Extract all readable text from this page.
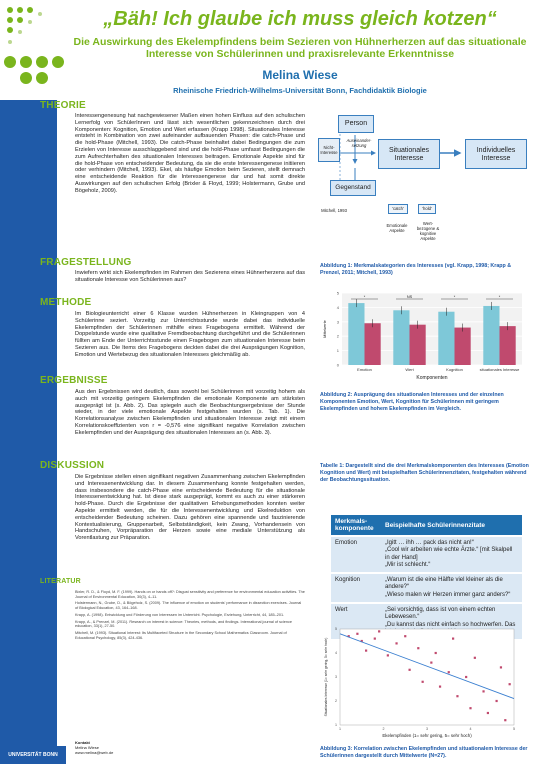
„Bäh! Ich glaube ich muss gleich kotzen“
Die Auswirkung des Ekelempfindens beim Sezieren von Hühnerherzen auf das situationale Interesse von Schülerinnen und praxisrelevante Erkenntnisse
Melina Wiese
Rheinische Friedrich-Wilhelms-Universität Bonn, Fachdidaktik Biologie
THEORIE
Interessengenesung hat nachgewiesener Maßen einen hohen Einfluss auf den schulischen Lernerfolg von SchülerInnen und lässt sich wesentlichen gekennzeichnen durch drei Komponenten: Kognition, Emotion und Wert erfassen (Krapp 1998). Situationales Interesse entsteht in Kombination von zwei aufeinander aufbauenden Phasen: die catch-Phase und die hold-Phase (Mitchell, 1993). Die catch-Phase beinhaltet dabei Bedingungen die zum Erzielen von Interesse ausschlaggebend sind und die hold-Phase umfasst Bedingungen die zum Aufrechterhalten des situationalen Interesses beitragen. Emotionale Aspekte sind für die hold-Phase von entscheidender Bedeutung, da sie die erste Interessengenese initiieren oder verhindern (Mitchell, 1993). Ekel, als häufige Emotion beim Sezieren, stellt demnach eine entscheidende Reaktion für die Interessengenese dar und hat somit direkte Auswirkungen auf den schulischen Erfolg (Brixler & Floyd, 1999; Holstermann, Grube und Bögeholz, 2009).
FRAGESTELLUNG
Inwiefern wirkt sich Ekelempfinden im Rahmen des Sezierens eines Hühnerherzens auf das situationale Interesse von Schülerinnen aus?
METHODE
Im Biologieunterricht einer 6 Klasse wurden Hühnerherzen in Kleingruppen von 4 Schülerinne seziert. Vorzeitig zur Unterrichtsstunde wurde dabei das individuelle Ekelempfinden der Schülerinnen mithilfe eines Fragebogens ermittelt. Während der Doppelstunde wurde eine qualitative Fremdbeobachtung durchgeführt und die Schülerinnen füllten am Ende der Unterrichtsstunde einen Fragebogen zum situationalen Interesse beim Sezieren aus. Die Items des Fragebogens deckten dabei die drei Ausprägungen Kognition, Emotion und Wertebezug des situationalen Interesses gleichmäßig ab.
ERGEBNISSE
Aus den Ergebnissen wird deutlich, dass sowohl bei Schülerinnen mit vorzeitig hohem als auch mit vorzeitig geringem Ekelempfinden die emotionale Komponente am stärksten ausgeprägt ist (s. Abb. 2). Das spiegeln auch die Beobachtungsergebnisse der Stunde wieder, in der viele emotionale Aspekte festgehalten wurden (s. Tab. 1). Die Korrelationsanalyse zwischen Ekelempfinden und situationalen Interesse zeigt mit einem Korrelationskoeffizienten von r = -0,576 eine signifikant negative Korrelation zwischen Ekelempfinden und der Ausprägung des situationalen Interesses an (s. Abb. 3).
DISKUSSION
Die Ergebnisse stellen einen signifikant negativen Zusammenhang zwischen Ekelempfinden und Interessenentwicklung dar. In diesem Zusammenhang konnte festgehalten werden, dass insbesondere die catch-Phase eine entscheidende Bedeutung für die situationale Interessenentwicklung hat. Ist diese stark ausgeprägt, kommt es auch zu einer stärkeren hold-Phase. Durch die Ergebnisse der qualitativen Erhebungsmethoden konnten weiter Aspekte ermittelt werden, die für die Interessenentwicklung und Ekelreduktion von entscheidender Bedeutung scheinen. Dazu gehören eine spannende und faszinierende Kontextualisierung, Gruppenarbeit, Selbstständigkeit, kein Zwang, Vorhandensein von Handschuhen, Vorpräparation der Herzen sowie eine mediale Unterstützung als Vorentlastung zur Präparation.
LITERATUR
Bixler, R. D., & Floyd, M. F. (1999). Hands on or hands off?: Disgust sensitivity and preference for environmental education activities. The Journal of Environmental Education, 30(3), 4–11.
Holstermann, N., Grube, D., & Bögeholz, S. (2009). The influence of emotion on students' performance in dissection exercises. Journal of Biological Education, 43, 164–168.
Krapp, A. (1998). Entwicklung und Förderung von Interessen im Unterricht. Psychologie, Erziehung, Unterricht, 44, 185–201.
Krapp, A., & Prenzel, M. (2011). Research on interest in science: Theories, methods, and findings. International journal of science education, 33(1), 27-50.
Mitchell, M. (1993). Situational Interest: Its Multifaceted Structure in the Secondary School Mathematics Classroom. Journal of Educational Psychology, 85(3), 424-436.
UNIVERSITÄT BONN
Kontakt
Melina Wiese
www.melina@web.de
Person
Nicht-
Interesse
Auseinander-
setzung
Situationales
Interesse
Individuelles
Interesse
Gegenstand
Mitchell, 1993	'catch'	'hold'
Emotionale
Aspekte
Wert-
bezogene &
kognitive
Aspekte
Abbildung 1: Merkmalskategorien des Interesses (vgl. Krapp, 1998; Krapp & Prenzel, 2011; Mitchell, 1993)
0
1
2
3
4
5
*
Emotion
NS
Wert
*
Kognition
*
situationales Interesse
Komponenten
Mittelwerte
Abbildung 2: Ausprägung des situationalen Interesses und der einzelnen Komponenten Emotion, Wert, Kognition für Schülerinnen mit geringem Ekelempfinden und hohem Ekelempfinden im Vergleich.
Tabelle 1: Dargestellt sind die drei Merkmalskomponenten des Interesses (Emotion Kognition und Wert) mit beispielhaften Schülerinnenzitaten, festgehalten während der Beobachtungssituation.
Merkmals-komponente	Beispielhafte Schülerinnenzitate
Emotion	„Igitt … ihh … pack das nicht an!“
„Cool wir arbeiten wie echte Ärzte.“ [mit Skalpell in der Hand]
„Mir ist schlecht.“
Kognition	„Warum ist die eine Hälfte viel kleiner als die andere?“
„Wieso malen wir Herzen immer ganz anders?“
Wert	„Sei vorsichtig, dass ist von einem echten Lebewesen.“
„Du kannst das nicht einfach so hochwerfen. Das
1	2	3	4	5
1
2
3
4
5
Ekelempfinden (1= sehr gering, 5= sehr hoch)
Situationales Interesse (1= sehr gering, 5= sehr hoch)
Abbildung 3: Korrelation zwischen Ekelempfinden und situationalem Interesse der Schülerinnen dargestellt durch Mittelwerte (N=27).
